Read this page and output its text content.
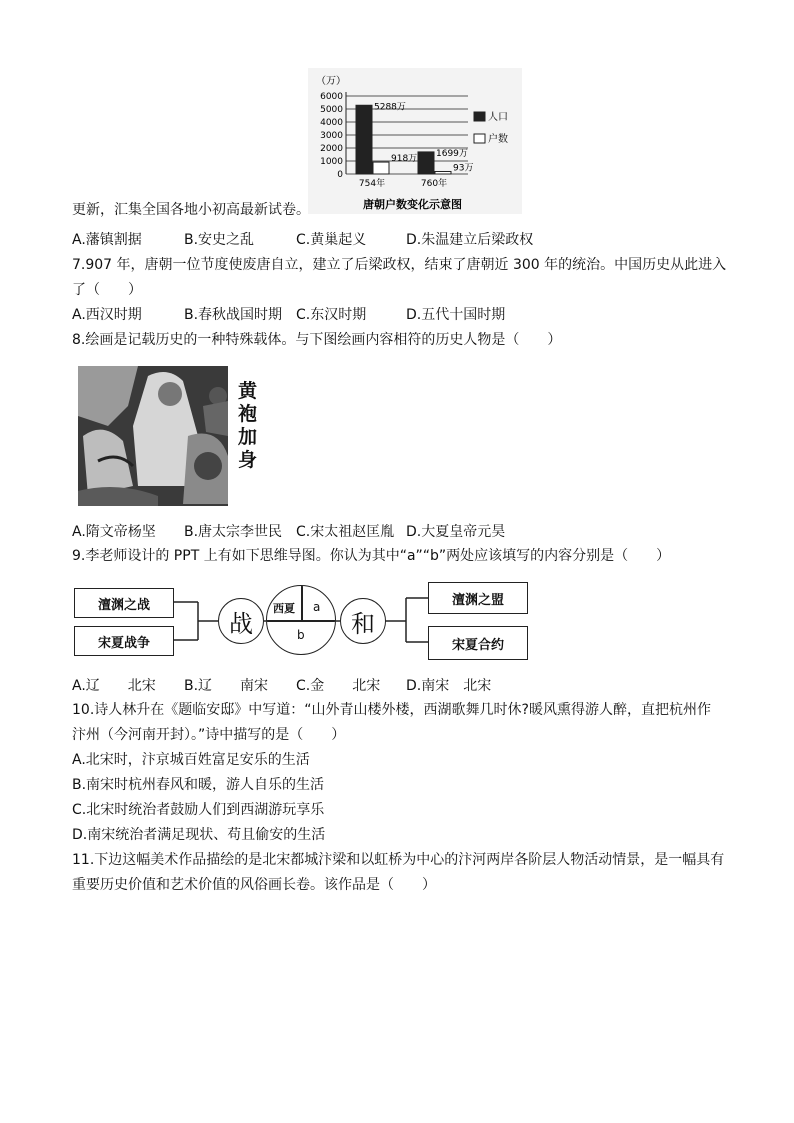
（万）
6000
5000
4000
3000
2000
1000
0
5288万
918万
754年
1699万
93万
760年
人口
户数
唐朝户数变化示意图
更新，汇集全国各地小初高最新试卷。
A.藩镇割据	B.安史之乱	C.黄巢起义	D.朱温建立后梁政权
7.907 年，唐朝一位节度使废唐自立，建立了后梁政权，结束了唐朝近 300 年的统治。中国历史从此进入
了（　　）
A.西汉时期	B.春秋战国时期 C.东汉时期	D.五代十国时期
8.绘画是记载历史的一种特殊载体。与下图绘画内容相符的历史人物是（　　）
黄
袍
加
身
A.隋文帝杨坚 B.唐太宗李世民 C.宋太祖赵匡胤 D.大夏皇帝元昊
9.李老师设计的 PPT 上有如下思维导图。你认为其中“a”“b”两处应该填写的内容分别是（　　）
澶渊之战
宋夏战争
战
西夏 a
b	和
澶渊之盟
宋夏合约
A.辽　　北宋 B.辽　　南宋 C.金　　北宋 D.南宋　北宋
10.诗人林升在《题临安邸》中写道：“山外青山楼外楼，西湖歌舞几时休?暖风熏得游人醉，直把杭州作
汴州（今河南开封）。”诗中描写的是（　　）
A.北宋时，汴京城百姓富足安乐的生活
B.南宋时杭州春风和暖，游人自乐的生活
C.北宋时统治者鼓励人们到西湖游玩享乐
D.南宋统治者满足现状、苟且偷安的生活
11.下边这幅美术作品描绘的是北宋都城汴梁和以虹桥为中心的汴河两岸各阶层人物活动情景，是一幅具有
重要历史价值和艺术价值的风俗画长卷。该作品是（　　）
